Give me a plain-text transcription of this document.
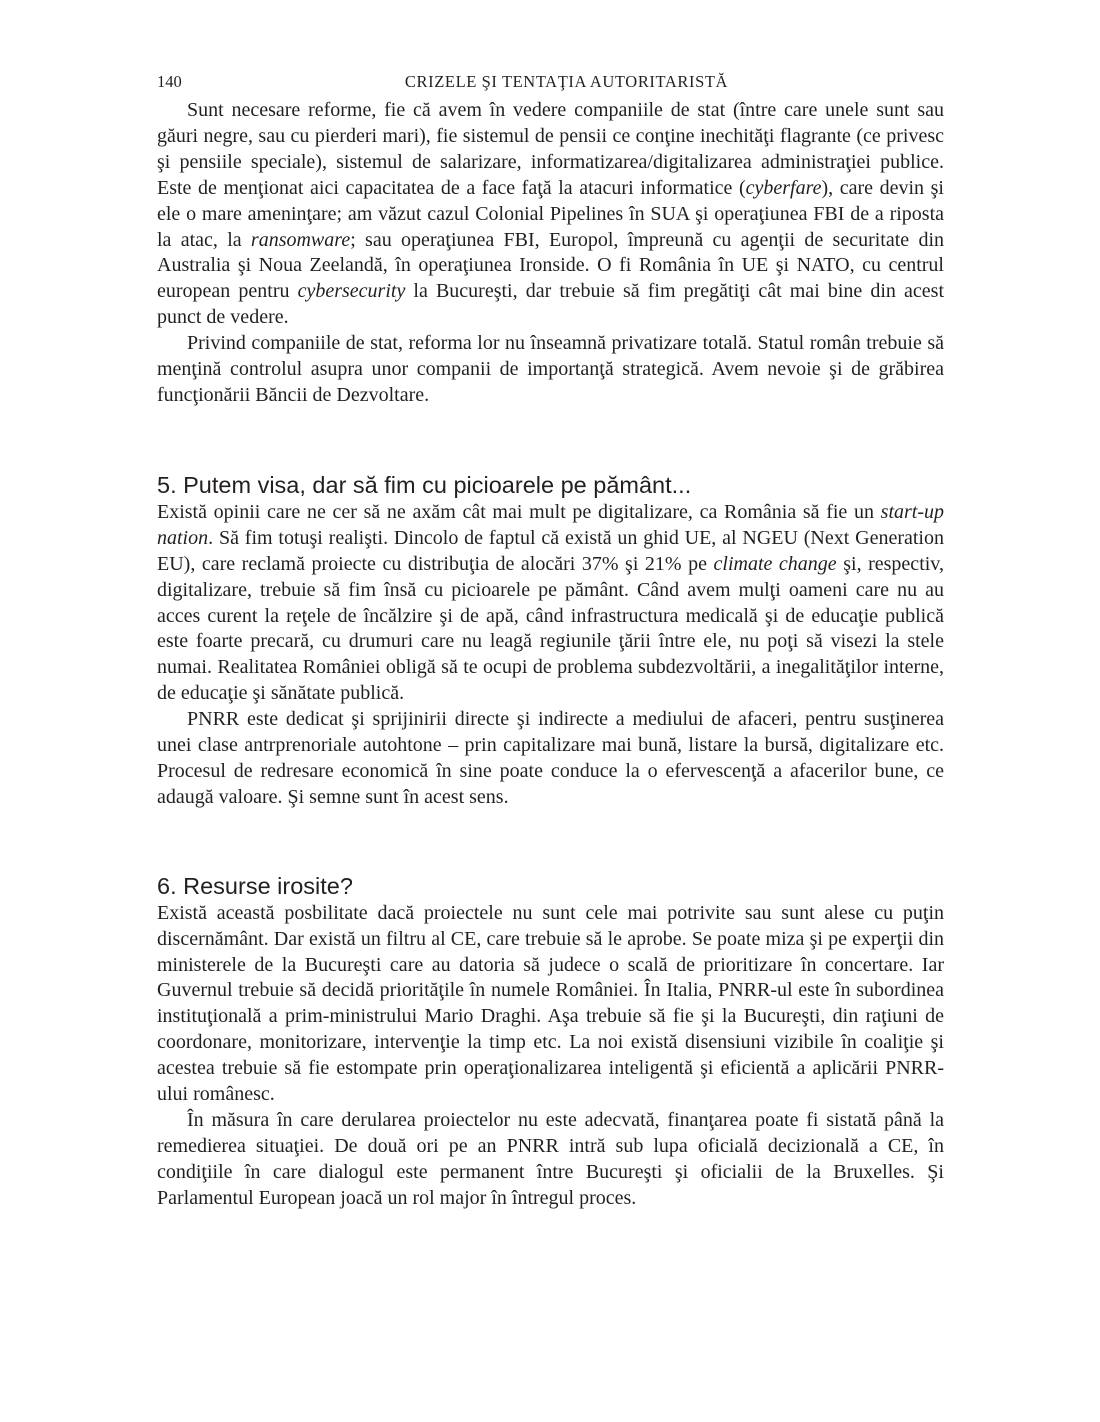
140	CRIZELE ŞI TENTAŢIA AUTORITARISTĂ

Sunt necesare reforme, fie că avem în vedere companiile de stat (între care unele sunt sau găuri negre, sau cu pierderi mari), fie sistemul de pensii ce conţine inechităţi flagrante (ce privesc şi pensiile speciale), sistemul de salarizare, informatizarea/digitalizarea administraţiei publice. Este de menţionat aici capacitatea de a face faţă la atacuri informatice (cyberfare), care devin şi ele o mare ameninţare; am văzut cazul Colonial Pipelines în SUA şi operaţiunea FBI de a riposta la atac, la ransomware; sau operaţiunea FBI, Europol, împreună cu agenţii de securitate din Australia şi Noua Zeelandă, în operaţiunea Ironside. O fi România în UE şi NATO, cu centrul european pentru cybersecurity la Bucureşti, dar trebuie să fim pregătiţi cât mai bine din acest punct de vedere.

Privind companiile de stat, reforma lor nu înseamnă privatizare totală. Statul român trebuie să menţină controlul asupra unor companii de importanţă strategică. Avem nevoie şi de grăbirea funcţionării Băncii de Dezvoltare.

5. Putem visa, dar să fim cu picioarele pe pământ...

Există opinii care ne cer să ne axăm cât mai mult pe digitalizare, ca România să fie un start-up nation. Să fim totuşi realişti. Dincolo de faptul că există un ghid UE, al NGEU (Next Generation EU), care reclamă proiecte cu distribuţia de alocări 37% şi 21% pe climate change şi, respectiv, digitalizare, trebuie să fim însă cu picioarele pe pământ. Când avem mulţi oameni care nu au acces curent la reţele de încălzire şi de apă, când infrastructura medicală şi de educaţie publică este foarte precară, cu drumuri care nu leagă regiunile ţării între ele, nu poţi să visezi la stele numai. Realitatea României obligă să te ocupi de problema subdezvoltării, a inegalităţilor interne, de educaţie şi sănătate publică.

PNRR este dedicat şi sprijinirii directe şi indirecte a mediului de afaceri, pentru susţinerea unei clase antrprenoriale autohtone – prin capitalizare mai bună, listare la bursă, digitalizare etc. Procesul de redresare economică în sine poate conduce la o efervescenţă a afacerilor bune, ce adaugă valoare. Şi semne sunt în acest sens.

6. Resurse irosite?

Există această posbilitate dacă proiectele nu sunt cele mai potrivite sau sunt alese cu puţin discernământ. Dar există un filtru al CE, care trebuie să le aprobe. Se poate miza şi pe experţii din ministerele de la Bucureşti care au datoria să judece o scală de prioritizare în concertare. Iar Guvernul trebuie să decidă priorităţile în numele României. În Italia, PNRR-ul este în subordinea instituţională a prim-ministrului Mario Draghi. Aşa trebuie să fie şi la Bucureşti, din raţiuni de coordonare, monitorizare, intervenţie la timp etc. La noi există disensiuni vizibile în coaliţie şi acestea trebuie să fie estompate prin operaţionalizarea inteligentă şi eficientă a aplicării PNRR-ului românesc.

În măsura în care derularea proiectelor nu este adecvată, finanţarea poate fi sistată până la remedierea situaţiei. De două ori pe an PNRR intră sub lupa oficială decizională a CE, în condiţiile în care dialogul este permanent între Bucureşti şi oficialii de la Bruxelles. Şi Parlamentul European joacă un rol major în întregul proces.
